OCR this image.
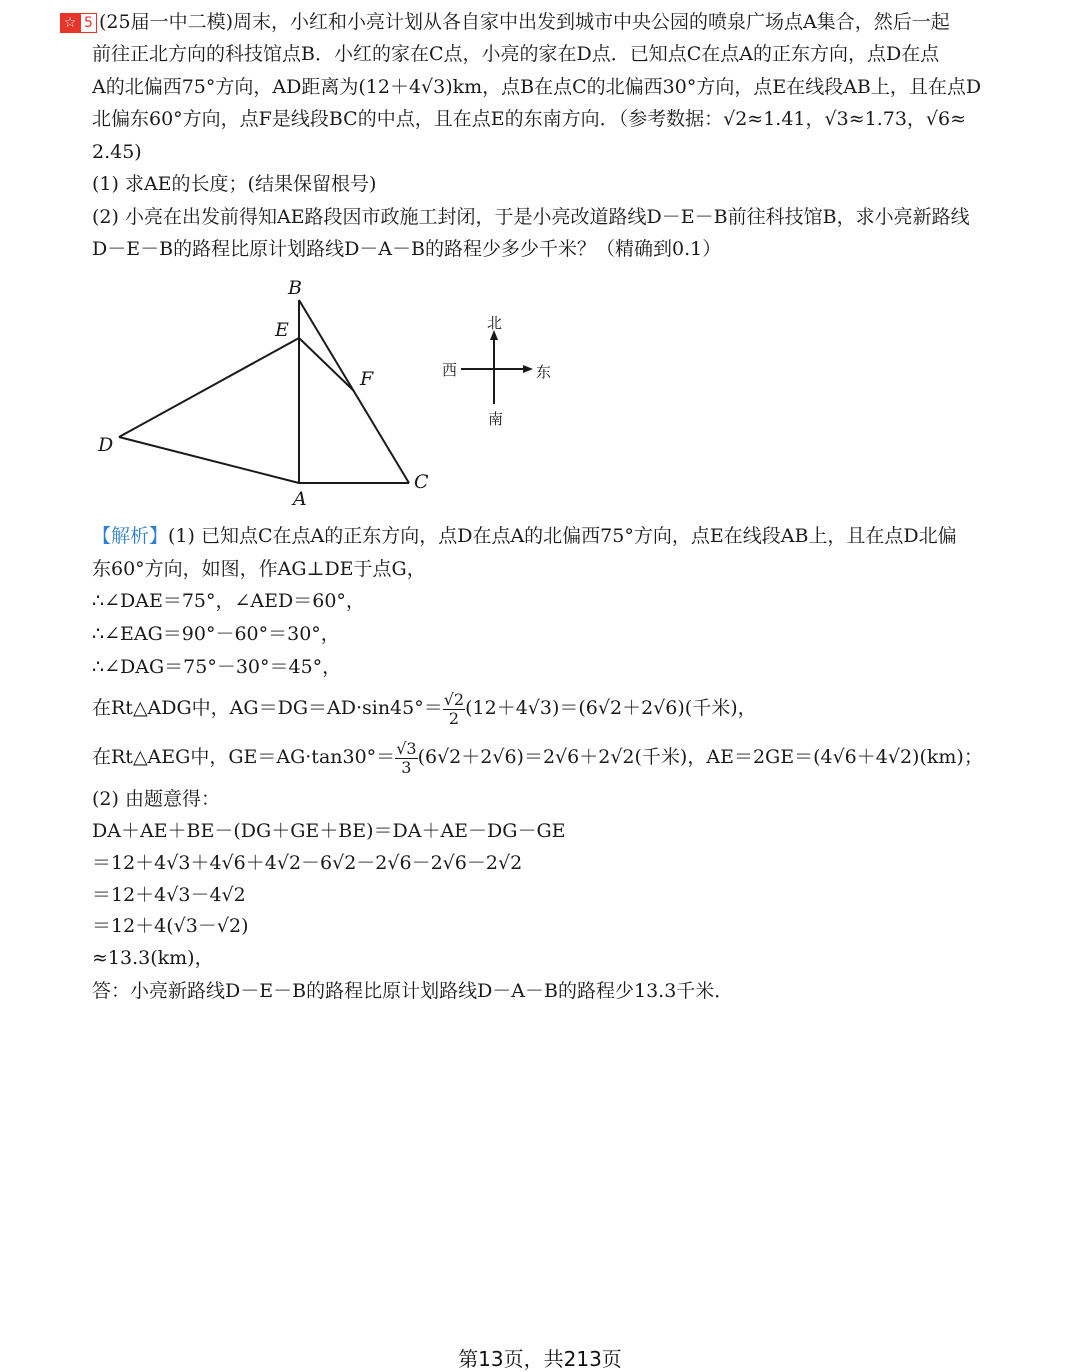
☆ 5 (25届一中二模)周末，小红和小亮计划从各自家中出发到城市中央公园的喷泉广场点A集合，然后一起
前往正北方向的科技馆点B．小红的家在C点，小亮的家在D点．已知点C在点A的正东方向，点D在点
A的北偏西75°方向，AD距离为(12＋4√3)km，点B在点C的北偏西30°方向，点E在线段AB上，且在点D
北偏东60°方向，点F是线段BC的中点，且在点E的东南方向．（参考数据：√2≈1.41，√3≈1.73，√6≈
2.45)
(1) 求AE的长度；(结果保留根号)
(2) 小亮在出发前得知AE路段因市政施工封闭，于是小亮改道路线D－E－B前往科技馆B，求小亮新路线
D－E－B的路程比原计划路线D－A－B的路程少多少千米？（精确到0.1）
B
E
F
D
A
C
北
南
西	东
【解析】(1) 已知点C在点A的正东方向，点D在点A的北偏西75°方向，点E在线段AB上，且在点D北偏
东60°方向，如图，作AG⊥DE于点G，
∴∠DAE＝75°，∠AED＝60°，
∴∠EAG＝90°－60°＝30°，
∴∠DAG＝75°－30°＝45°，
在Rt△ADG中，$AG=DG=AD\cdot\sin 45^\circ= \frac{√2}{2} (12+4√3)=(6√2+2√6)$(千米)，
在Rt△AEG中，$GE=AG\cdot\tan 30^\circ= \frac{√3}{3} (6√2+2√6)=2√6+2√2$(千米)，AE＝2GE＝(4√6＋4√2)(km)；
(2) 由题意得：
DA＋AE＋BE－(DG＋GE＋BE)＝DA＋AE－DG－GE
＝12＋4√3＋4√6＋4√2－6√2－2√6－2√6－2√2
＝12＋4√3－4√2
＝12＋4(√3－√2)
≈13.3(km)，
答：小亮新路线D－E－B的路程比原计划路线D－A－B的路程少13.3千米．
第13页，共213页
